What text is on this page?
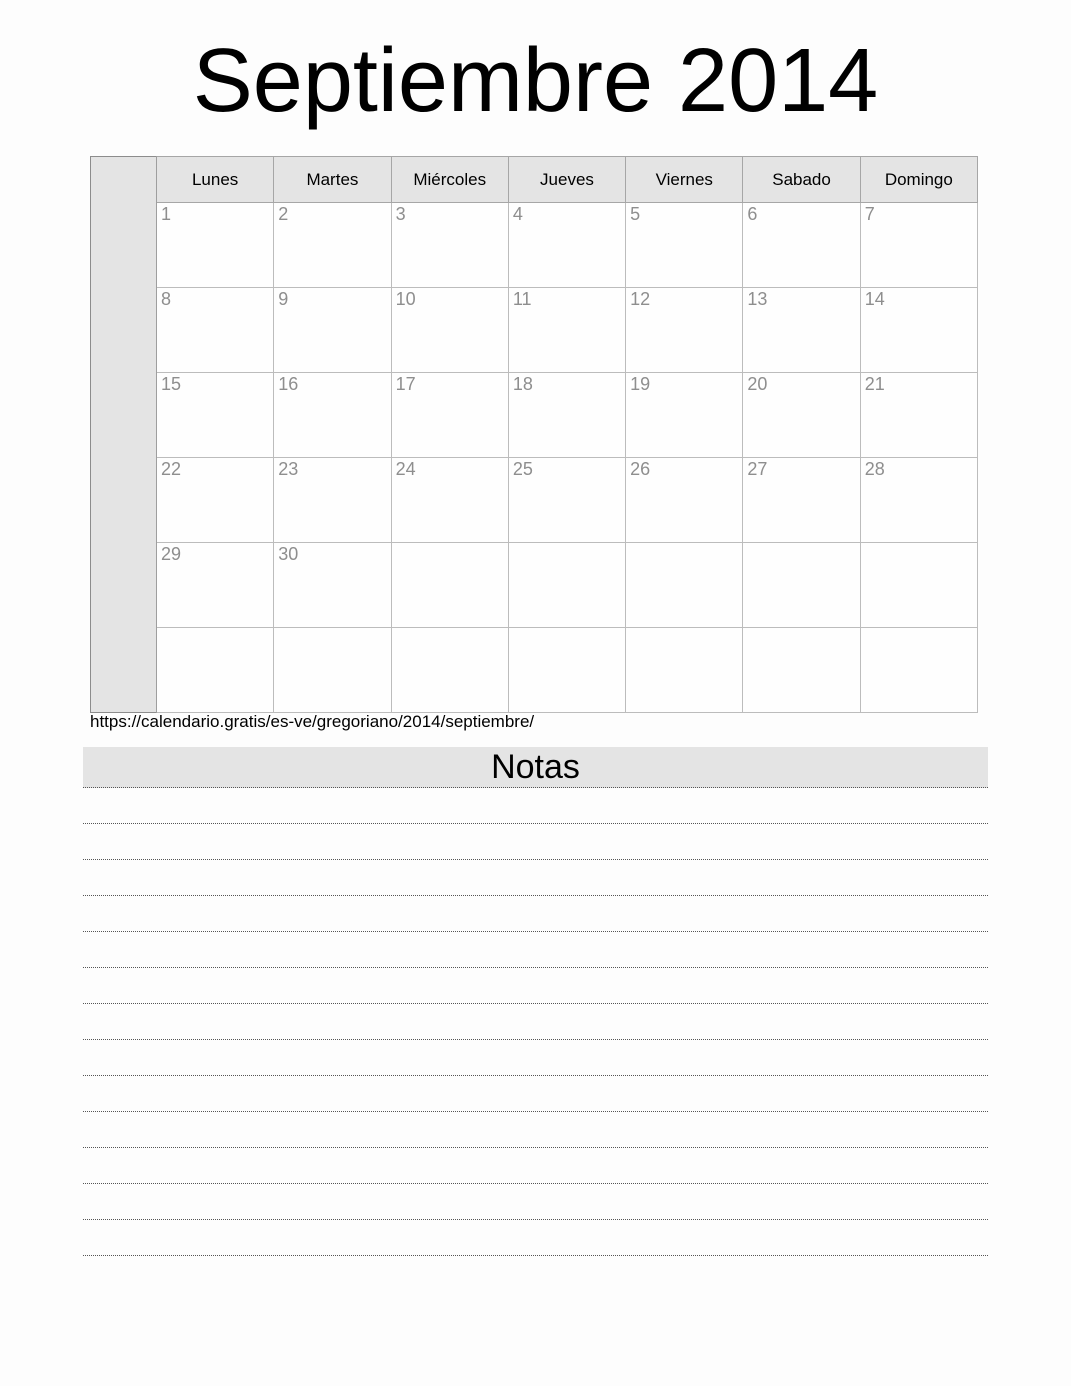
Septiembre 2014
	Lunes	Martes	Miércoles	Jueves	Viernes	Sabado	Domingo
	1	2	3	4	5	6	7
	8	9	10	11	12	13	14
	15	16	17	18	19	20	21
	22	23	24	25	26	27	28
	29	30					

https://calendario.gratis/es-ve/gregoriano/2014/septiembre/
Notas
